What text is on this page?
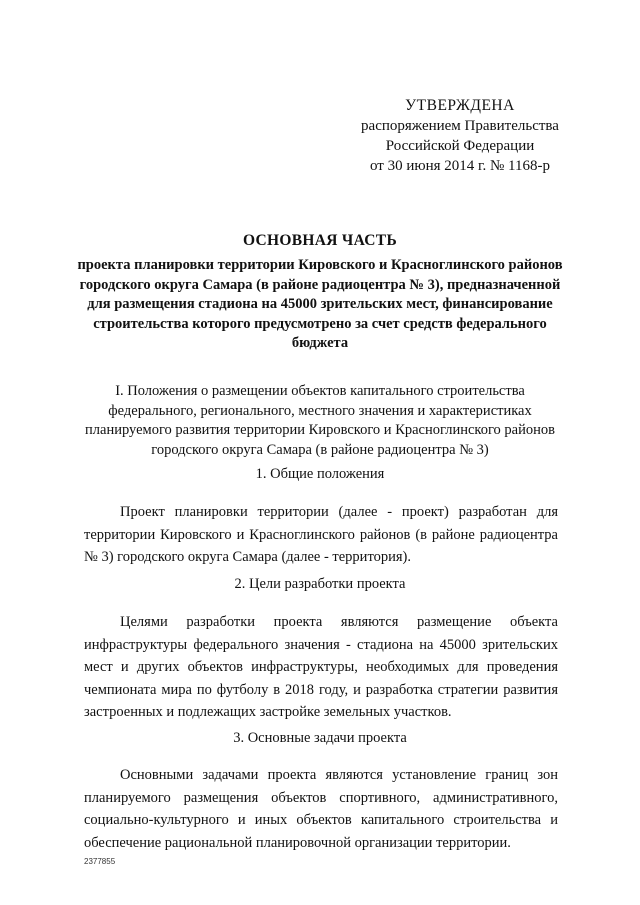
УТВЕРЖДЕНА
распоряжением Правительства
Российской Федерации
от 30 июня 2014 г. № 1168-р
ОСНОВНАЯ ЧАСТЬ
проекта планировки территории Кировского и Красноглинского районов городского округа Самара (в районе радиоцентра № 3), предназначенной для размещения стадиона на 45000 зрительских мест, финансирование строительства которого предусмотрено за счет средств федерального бюджета
I. Положения о размещении объектов капитального строительства федерального, регионального, местного значения и характеристиках планируемого развития территории Кировского и Красноглинского районов городского округа Самара (в районе радиоцентра № 3)
1. Общие положения
Проект планировки территории (далее - проект) разработан для территории Кировского и Красноглинского районов (в районе радиоцентра № 3) городского округа Самара (далее - территория).
2. Цели разработки проекта
Целями разработки проекта являются размещение объекта инфраструктуры федерального значения - стадиона на 45000 зрительских мест и других объектов инфраструктуры, необходимых для проведения чемпионата мира по футболу в 2018 году, и разработка стратегии развития застроенных и подлежащих застройке земельных участков.
3. Основные задачи проекта
Основными задачами проекта являются установление границ зон планируемого размещения объектов спортивного, административного, социально-культурного и иных объектов капитального строительства и обеспечение рациональной планировочной организации территории.
2377855
